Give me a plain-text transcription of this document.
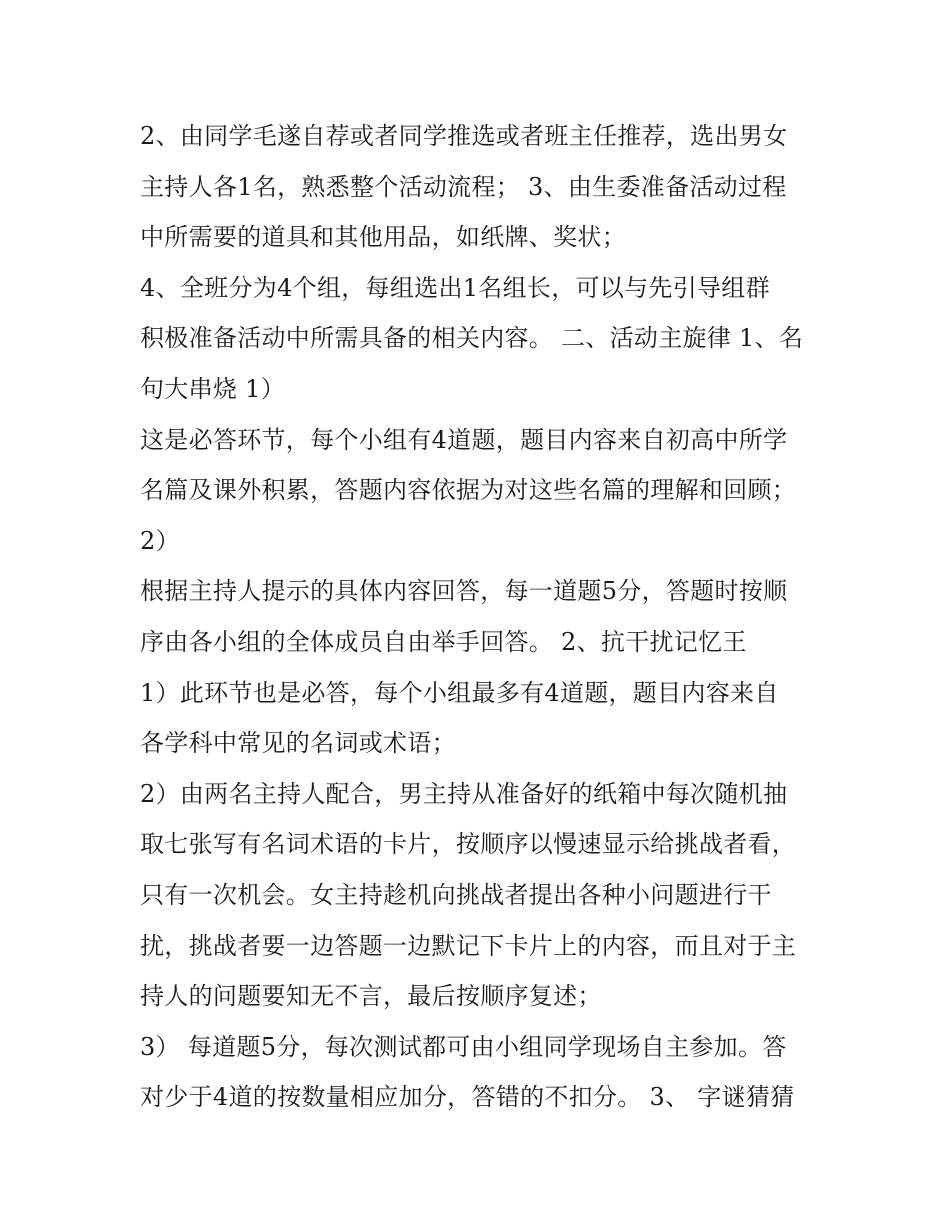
2、由同学毛遂自荐或者同学推选或者班主任推荐，选出男女
主持人各1名，熟悉整个活动流程； 3、由生委准备活动过程
中所需要的道具和其他用品，如纸牌、奖状；
4、全班分为4个组，每组选出1名组长，可以与先引导组群
积极准备活动中所需具备的相关内容。 二、活动主旋律 1、名
句大串烧 1）
这是必答环节，每个小组有4道题，题目内容来自初高中所学
名篇及课外积累，答题内容依据为对这些名篇的理解和回顾；
2）
根据主持人提示的具体内容回答，每一道题5分，答题时按顺
序由各小组的全体成员自由举手回答。 2、抗干扰记忆王
1）此环节也是必答，每个小组最多有4道题，题目内容来自
各学科中常见的名词或术语；
2）由两名主持人配合，男主持从准备好的纸箱中每次随机抽
取七张写有名词术语的卡片，按顺序以慢速显示给挑战者看，
只有一次机会。女主持趁机向挑战者提出各种小问题进行干
扰，挑战者要一边答题一边默记下卡片上的内容，而且对于主
持人的问题要知无不言，最后按顺序复述；
3） 每道题5分，每次测试都可由小组同学现场自主参加。答
对少于4道的按数量相应加分，答错的不扣分。 3、 字谜猜猜
